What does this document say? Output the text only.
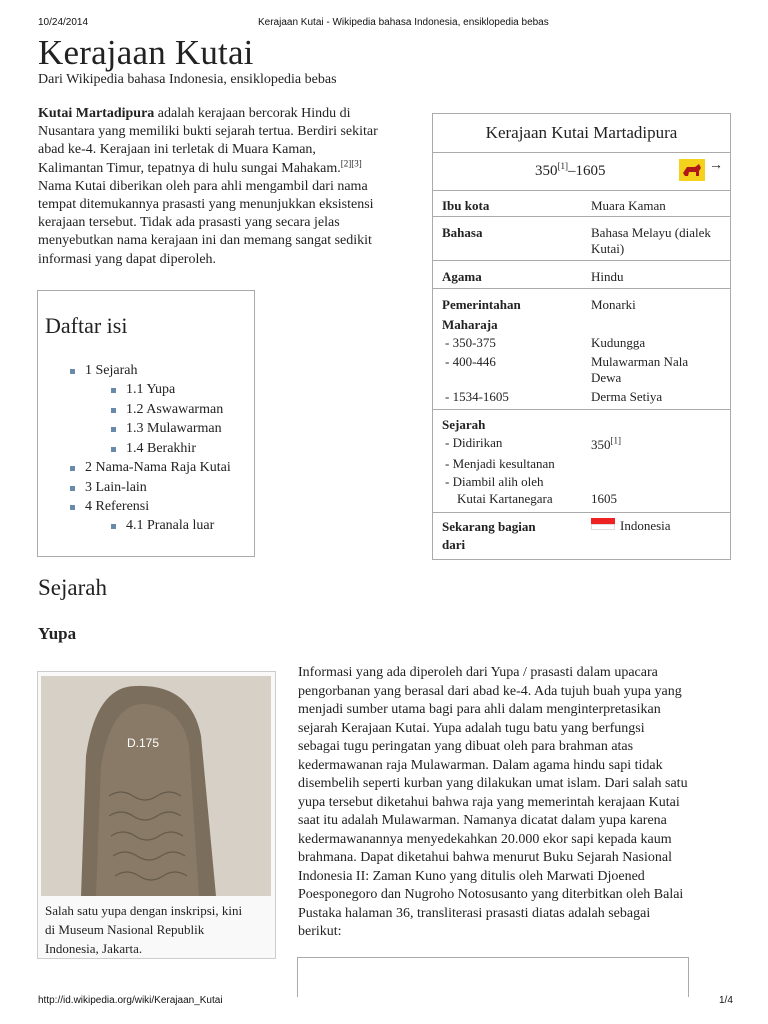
10/24/2014	Kerajaan Kutai - Wikipedia bahasa Indonesia, ensiklopedia bebas
http://id.wikipedia.org/wiki/Kerajaan_Kutai	1/4
Kerajaan Kutai
Dari Wikipedia bahasa Indonesia, ensiklopedia bebas
Kutai Martadipura adalah kerajaan bercorak Hindu di
Nusantara yang memiliki bukti sejarah tertua. Berdiri sekitar
abad ke-4. Kerajaan ini terletak di Muara Kaman,
Kalimantan Timur, tepatnya di hulu sungai Mahakam.[2][3]
Nama Kutai diberikan oleh para ahli mengambil dari nama
tempat ditemukannya prasasti yang menunjukkan eksistensi
kerajaan tersebut. Tidak ada prasasti yang secara jelas
menyebutkan nama kerajaan ini dan memang sangat sedikit
informasi yang dapat diperoleh.
Daftar isi
1 Sejarah
1.1 Yupa
1.2 Aswawarman
1.3 Mulawarman
1.4 Berakhir
2 Nama-Nama Raja Kutai
3 Lain-lain
4 Referensi
4.1 Pranala luar
Kerajaan Kutai Martadipura
350[1]–1605	→
Ibu kota	Muara Kaman
Bahasa	Bahasa Melayu (dialek
Kutai)
Agama	Hindu
Pemerintahan	Monarki
Maharaja
- 350-375	Kudungga
- 400-446	Mulawarman Nala
Dewa
- 1534-1605	Derma Setiya
Sejarah
- Didirikan	350[1]
- Menjadi kesultanan
- Diambil alih oleh
Kutai Kartanegara	1605
Sekarang bagian
dari
Indonesia
Sejarah
Yupa
D.175
Salah satu yupa dengan inskripsi, kini
di Museum Nasional Republik
Indonesia, Jakarta.
Informasi yang ada diperoleh dari Yupa / prasasti dalam upacara
pengorbanan yang berasal dari abad ke-4. Ada tujuh buah yupa yang
menjadi sumber utama bagi para ahli dalam menginterpretasikan
sejarah Kerajaan Kutai. Yupa adalah tugu batu yang berfungsi
sebagai tugu peringatan yang dibuat oleh para brahman atas
kedermawanan raja Mulawarman. Dalam agama hindu sapi tidak
disembelih seperti kurban yang dilakukan umat islam. Dari salah satu
yupa tersebut diketahui bahwa raja yang memerintah kerajaan Kutai
saat itu adalah Mulawarman. Namanya dicatat dalam yupa karena
kedermawanannya menyedekahkan 20.000 ekor sapi kepada kaum
brahmana. Dapat diketahui bahwa menurut Buku Sejarah Nasional
Indonesia II: Zaman Kuno yang ditulis oleh Marwati Djoened
Poesponegoro dan Nugroho Notosusanto yang diterbitkan oleh Balai
Pustaka halaman 36, transliterasi prasasti diatas adalah sebagai
berikut:
